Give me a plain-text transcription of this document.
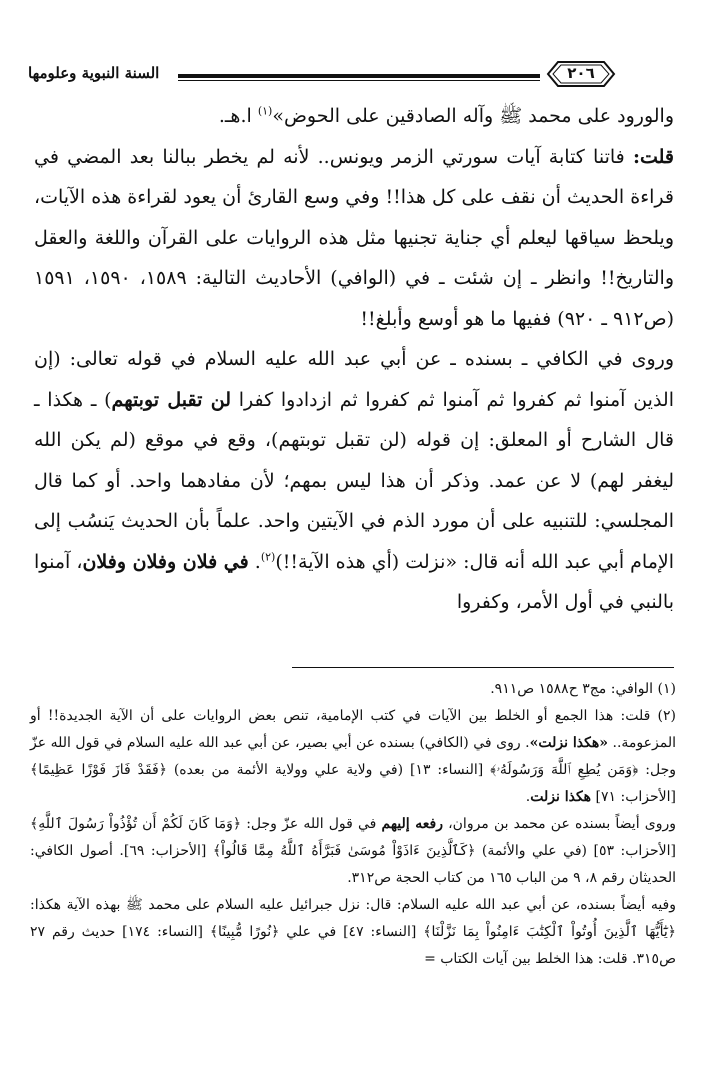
٢٠٦
السنة النبوية وعلومها

والورود على محمد ﷺ وآله الصادقين على الحوض»$^{(١)}$ ا.هـ.

قلت: فاتنا كتابة آيات سورتي الزمر ويونس.. لأنه لم يخطر ببالنا بعد المضي في قراءة الحديث أن نقف على كل هذا!! وفي وسع القارئ أن يعود لقراءة هذه الآيات، ويلحظ سياقها ليعلم أي جناية تجنيها مثل هذه الروايات على القرآن واللغة والعقل والتاريخ!! وانظر ـ إن شئت ـ في (الوافي) الأحاديث التالية: ١٥٨٩، ١٥٩٠، ١٥٩١ (ص٩١٢ ـ ٩٢٠) ففيها ما هو أوسع وأبلغ!!

وروى في الكافي ـ بسنده ـ عن أبي عبد الله عليه السلام في قوله تعالى: (إن الذين آمنوا ثم كفروا ثم آمنوا ثم كفروا ثم ازدادوا كفرا لن تقبل توبتهم) ـ هكذا ـ قال الشارح أو المعلق: إن قوله (لن تقبل توبتهم)، وقع في موقع (لم يكن الله ليغفر لهم) لا عن عمد. وذكر أن هذا ليس بمهم؛ لأن مفادهما واحد. أو كما قال المجلسي: للتنبيه على أن مورد الذم في الآيتين واحد. علماً بأن الحديث يَنسُب إلى الإمام أبي عبد الله أنه قال: «نزلت (أي هذه الآية!!)$^{(٢)}$. في فلان وفلان وفلان، آمنوا بالنبي في أول الأمر، وكفروا

(١) الوافي: مج٣ ح١٥٨٨ ص٩١١.

(٢) قلت: هذا الجمع أو الخلط بين الآيات في كتب الإمامية، تنص بعض الروايات على أن الآية الجديدة!! أو المزعومة.. «هكذا نزلت». روى في (الكافي) بسنده عن أبي بصير، عن أبي عبد الله عليه السلام في قول الله عزّ وجل: ﴿وَمَن يُطِعِ ٱللَّهَ وَرَسُولَهُۥ﴾ [النساء: ١٣] (في ولاية علي وولاية الأئمة من بعده) ﴿فَقَدْ فَازَ فَوْزًا عَظِيمًا﴾ [الأحزاب: ٧١] هكذا نزلت.

وروى أيضاً بسنده عن محمد بن مروان، رفعه إليهم في قول الله عزّ وجل: ﴿وَمَا كَانَ لَكُمْ أَن تُؤْذُواْ رَسُولَ ٱللَّهِ﴾ [الأحزاب: ٥٣] (في علي والأئمة) ﴿كَٱلَّذِينَ ءَاذَوْاْ مُوسَىٰ فَبَرَّأَهُ ٱللَّهُ مِمَّا قَالُواْ﴾ [الأحزاب: ٦٩]. أصول الكافي: الحديثان رقم ٨، ٩ من الباب ١٦٥ من كتاب الحجة ص٣١٢.

وفيه أيضاً بسنده، عن أبي عبد الله عليه السلام: قال: نزل جبرائيل عليه السلام على محمد ﷺ بهذه الآية هكذا: ﴿يَٰٓأَيُّهَا ٱلَّذِينَ أُوتُواْ ٱلْكِتَٰبَ ءَامِنُواْ بِمَا نَزَّلْنَا﴾ [النساء: ٤٧] في علي ﴿نُورًا مُّبِينًا﴾ [النساء: ١٧٤] حديث رقم ٢٧ ص٣١٥. قلت: هذا الخلط بين آيات الكتاب =
